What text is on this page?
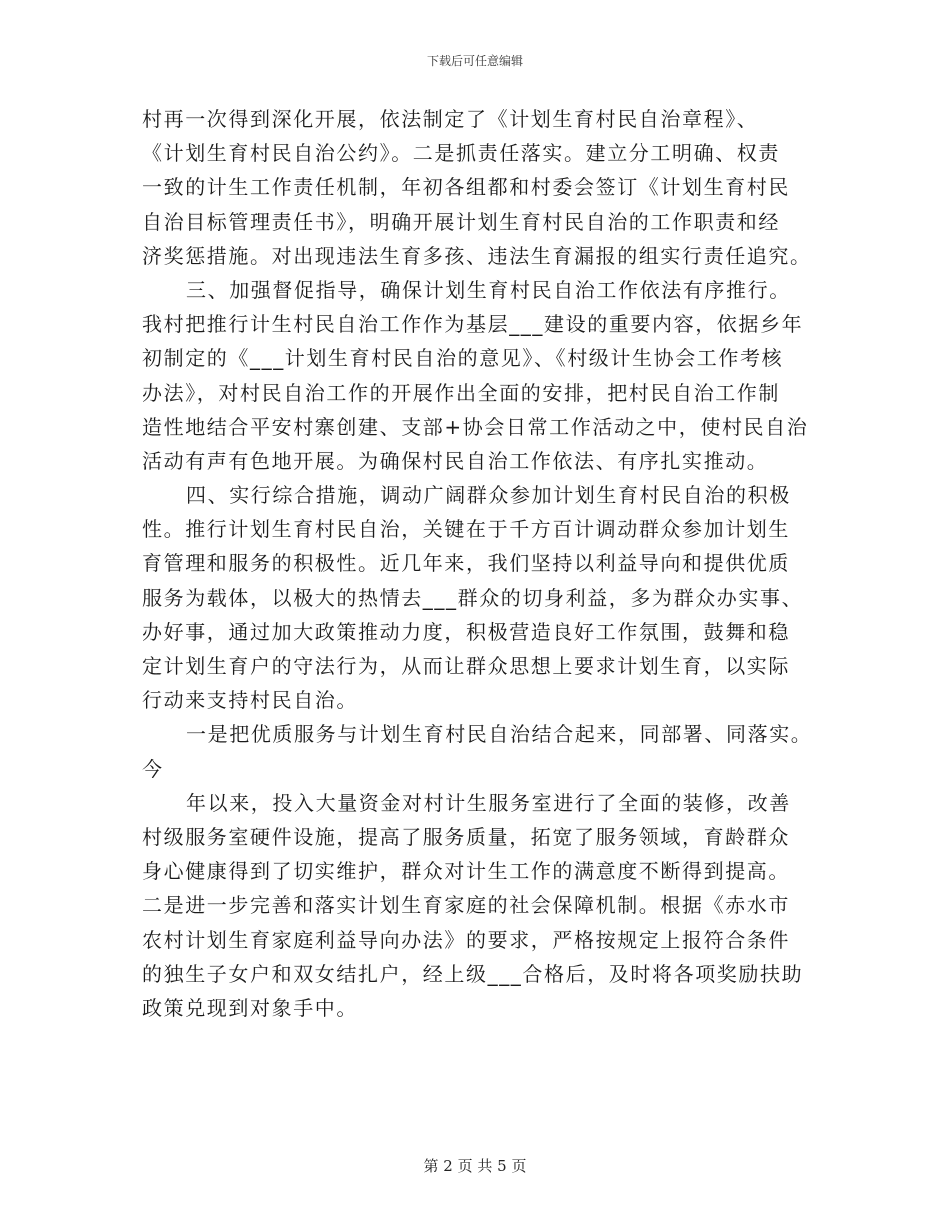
下载后可任意编辑
村再一次得到深化开展，依法制定了《计划生育村民自治章程》、
《计划生育村民自治公约》。二是抓责任落实。建立分工明确、权责
一致的计生工作责任机制，年初各组都和村委会签订《计划生育村民
自治目标管理责任书》，明确开展计划生育村民自治的工作职责和经
济奖惩措施。对出现违法生育多孩、违法生育漏报的组实行责任追究。
三、加强督促指导，确保计划生育村民自治工作依法有序推行。
我村把推行计生村民自治工作作为基层___建设的重要内容，依据乡年
初制定的《___计划生育村民自治的意见》、《村级计生协会工作考核
办法》，对村民自治工作的开展作出全面的安排，把村民自治工作制
造性地结合平安村寨创建、支部+协会日常工作活动之中，使村民自治
活动有声有色地开展。为确保村民自治工作依法、有序扎实推动。
四、实行综合措施，调动广阔群众参加计划生育村民自治的积极
性。推行计划生育村民自治，关键在于千方百计调动群众参加计划生
育管理和服务的积极性。近几年来，我们坚持以利益导向和提供优质
服务为载体，以极大的热情去___群众的切身利益，多为群众办实事、
办好事，通过加大政策推动力度，积极营造良好工作氛围，鼓舞和稳
定计划生育户的守法行为，从而让群众思想上要求计划生育，以实际
行动来支持村民自治。
一是把优质服务与计划生育村民自治结合起来，同部署、同落实。
今
年以来，投入大量资金对村计生服务室进行了全面的装修，改善
村级服务室硬件设施，提高了服务质量，拓宽了服务领域，育龄群众
身心健康得到了切实维护，群众对计生工作的满意度不断得到提高。
二是进一步完善和落实计划生育家庭的社会保障机制。根据《赤水市
农村计划生育家庭利益导向办法》的要求，严格按规定上报符合条件
的独生子女户和双女结扎户，经上级___合格后，及时将各项奖励扶助
政策兑现到对象手中。
第 2 页 共 5 页
